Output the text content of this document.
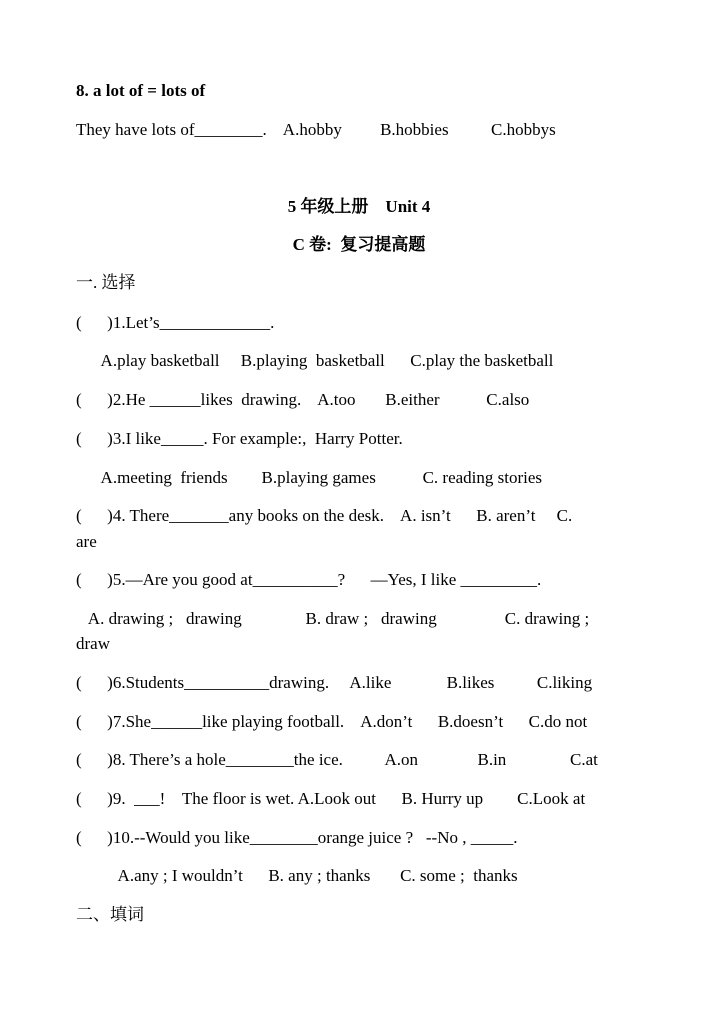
8. a lot of = lots of
They have lots of________.    A.hobby         B.hobbies          C.hobbys
5 年级上册    Unit 4
C 卷:  复习提高题
一. 选择
(      )1.Let’s_____________.
A.play basketball     B.playing  basketball      C.play the basketball
(      )2.He ______likes  drawing.    A.too       B.either           C.also
(      )3.I like_____. For example:,  Harry Potter.
A.meeting  friends        B.playing games           C. reading stories
(      )4. There_______any books on the desk.    A. isn’t      B. aren’t     C.
are
(      )5.—Are you good at__________?      —Yes, I like _________.
A. drawing ;   drawing               B. draw ;   drawing                C. drawing ;
draw
(      )6.Students__________drawing.     A.like             B.likes          C.liking
(      )7.She______like playing football.    A.don’t      B.doesn’t      C.do not
(      )8. There’s a hole________the ice.          A.on              B.in               C.at
(      )9.  ___!    The floor is wet. A.Look out      B. Hurry up        C.Look at
(      )10.--Would you like________orange juice ?   --No , _____.
A.any ; I wouldn’t      B. any ; thanks       C. some ;  thanks
二、填词
